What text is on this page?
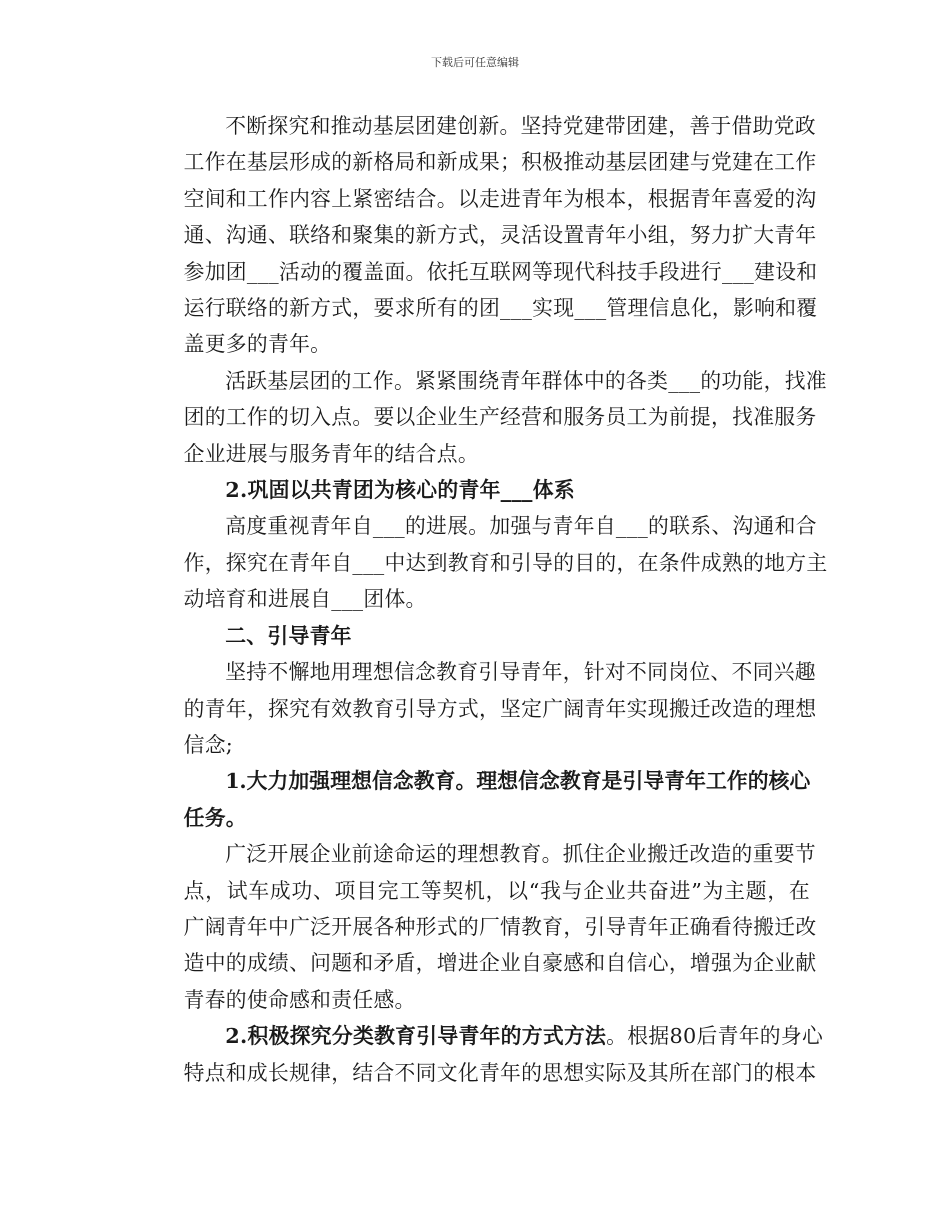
下载后可任意编辑
不断探究和推动基层团建创新。坚持党建带团建，善于借助党政
工作在基层形成的新格局和新成果；积极推动基层团建与党建在工作
空间和工作内容上紧密结合。以走进青年为根本，根据青年喜爱的沟
通、沟通、联络和聚集的新方式，灵活设置青年小组，努力扩大青年
参加团___活动的覆盖面。依托互联网等现代科技手段进行___建设和
运行联络的新方式，要求所有的团___实现___管理信息化，影响和覆
盖更多的青年。
活跃基层团的工作。紧紧围绕青年群体中的各类___的功能，找准
团的工作的切入点。要以企业生产经营和服务员工为前提，找准服务
企业进展与服务青年的结合点。
2.巩固以共青团为核心的青年___体系
高度重视青年自___的进展。加强与青年自___的联系、沟通和合
作，探究在青年自___中达到教育和引导的目的，在条件成熟的地方主
动培育和进展自___团体。
二、引导青年
坚持不懈地用理想信念教育引导青年，针对不同岗位、不同兴趣
的青年，探究有效教育引导方式，坚定广阔青年实现搬迁改造的理想
信念;
1.大力加强理想信念教育。理想信念教育是引导青年工作的核心
任务。
广泛开展企业前途命运的理想教育。抓住企业搬迁改造的重要节
点，试车成功、项目完工等契机，以“我与企业共奋进”为主题，在
广阔青年中广泛开展各种形式的厂情教育，引导青年正确看待搬迁改
造中的成绩、问题和矛盾，增进企业自豪感和自信心，增强为企业献
青春的使命感和责任感。
2.积极探究分类教育引导青年的方式方法。根据80后青年的身心
特点和成长规律，结合不同文化青年的思想实际及其所在部门的根本
